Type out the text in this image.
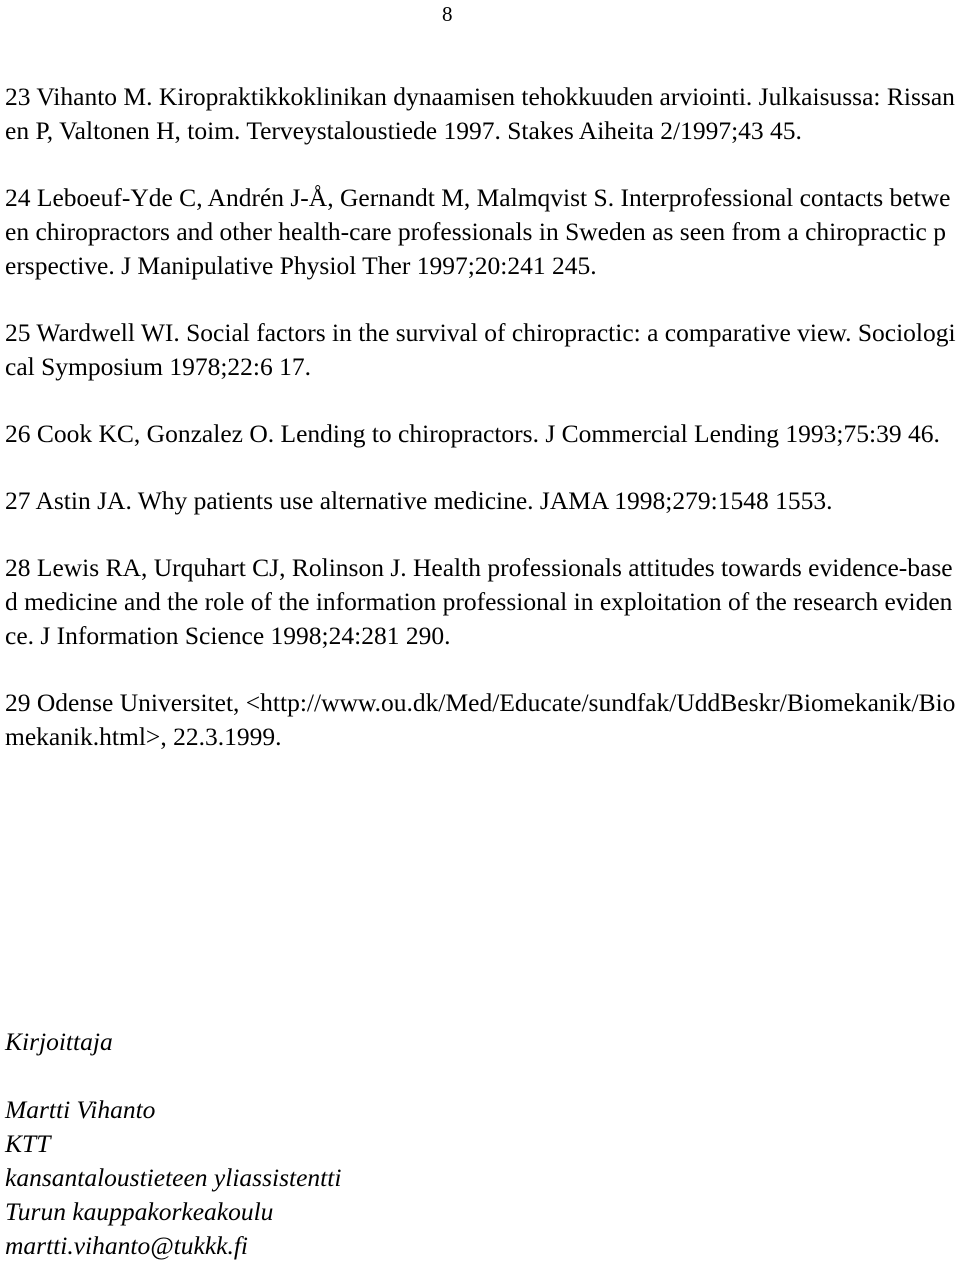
8

23 Vihanto M. Kiropraktikkoklinikan dynaamisen tehokkuuden arviointi. Julkaisussa: Rissanen P, Valtonen H, toim. Terveystaloustiede 1997. Stakes Aiheita 2/1997;43 45.

24 Leboeuf-Yde C, Andrén J-Å, Gernandt M, Malmqvist S. Interprofessional contacts between chiropractors and other health-care professionals in Sweden as seen from a chiropractic perspective. J Manipulative Physiol Ther 1997;20:241 245.

25 Wardwell WI. Social factors in the survival of chiropractic: a comparative view. Sociological Symposium 1978;22:6 17.

26 Cook KC, Gonzalez O. Lending to chiropractors. J Commercial Lending 1993;75:39 46.

27 Astin JA. Why patients use alternative medicine. JAMA 1998;279:1548 1553.

28 Lewis RA, Urquhart CJ, Rolinson J. Health professionals attitudes towards evidence-based medicine and the role of the information professional in exploitation of the research evidence. J Information Science 1998;24:281 290.

29 Odense Universitet, <http://www.ou.dk/Med/Educate/sundfak/UddBeskr/Biomekanik/Biomekanik.html>, 22.3.1999.

Kirjoittaja

Martti Vihanto
KTT
kansantaloustieteen yliassistentti
Turun kauppakorkeakoulu
martti.vihanto@tukkk.fi
